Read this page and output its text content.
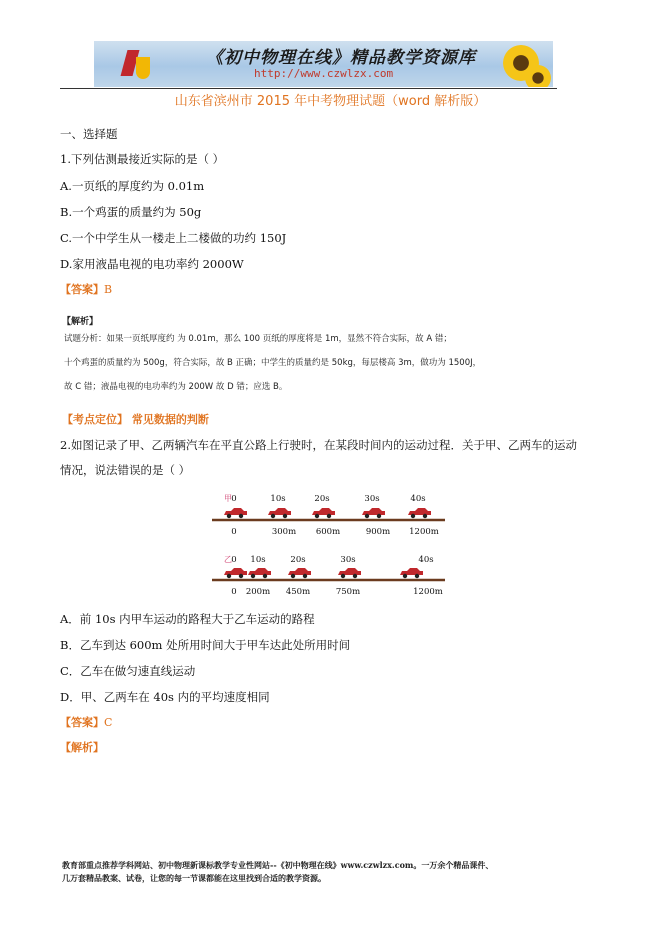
《初中物理在线》精品教学资源库
http://www.czwlzx.com
山东省滨州市 2015 年中考物理试题（word 解析版）
一、选择题
1.下列估测最接近实际的是（ ）
A.一页纸的厚度约为 0.01m
B.一个鸡蛋的质量约为 50g
C.一个中学生从一楼走上二楼做的功约 150J
D.家用液晶电视的电功率约 2000W
【答案】B
【解析】
试题分析：如果一页纸厚度约 为 0.01m，那么 100 页纸的厚度将是 1m，显然不符合实际，故 A 错；
十个鸡蛋的质量约为 500g，符合实际，故 B 正确；中学生的质量约是 50kg，每层楼高 3m，做功为 1500J，
故 C 错；液晶电视的电功率约为 200W 故 D 错；应选 B。
【考点定位】 常见数据的判断
2.如图记录了甲、乙两辆汽车在平直公路上行驶时，在某段时间内的运动过程．关于甲、乙两车的运动
情况，说法错误的是（ ）
甲 0	10s	20s	30s	40s
0	300m 600m	900m 1200m
乙 0 10s	20s	30s	40s
0 200m 450m	750m	1200m
A．前 10s 内甲车运动的路程大于乙车运动的路程
B．乙车到达 600m 处所用时间大于甲车达此处所用时间
C．乙车在做匀速直线运动
D．甲、乙两车在 40s 内的平均速度相同
【答案】C
【解析】
教育部重点推荐学科网站、初中物理新课标教学专业性网站--《初中物理在线》www.czwlzx.com。一万余个精品课件、
几万套精品教案、试卷，让您的每一节课都能在这里找到合适的教学资源。
